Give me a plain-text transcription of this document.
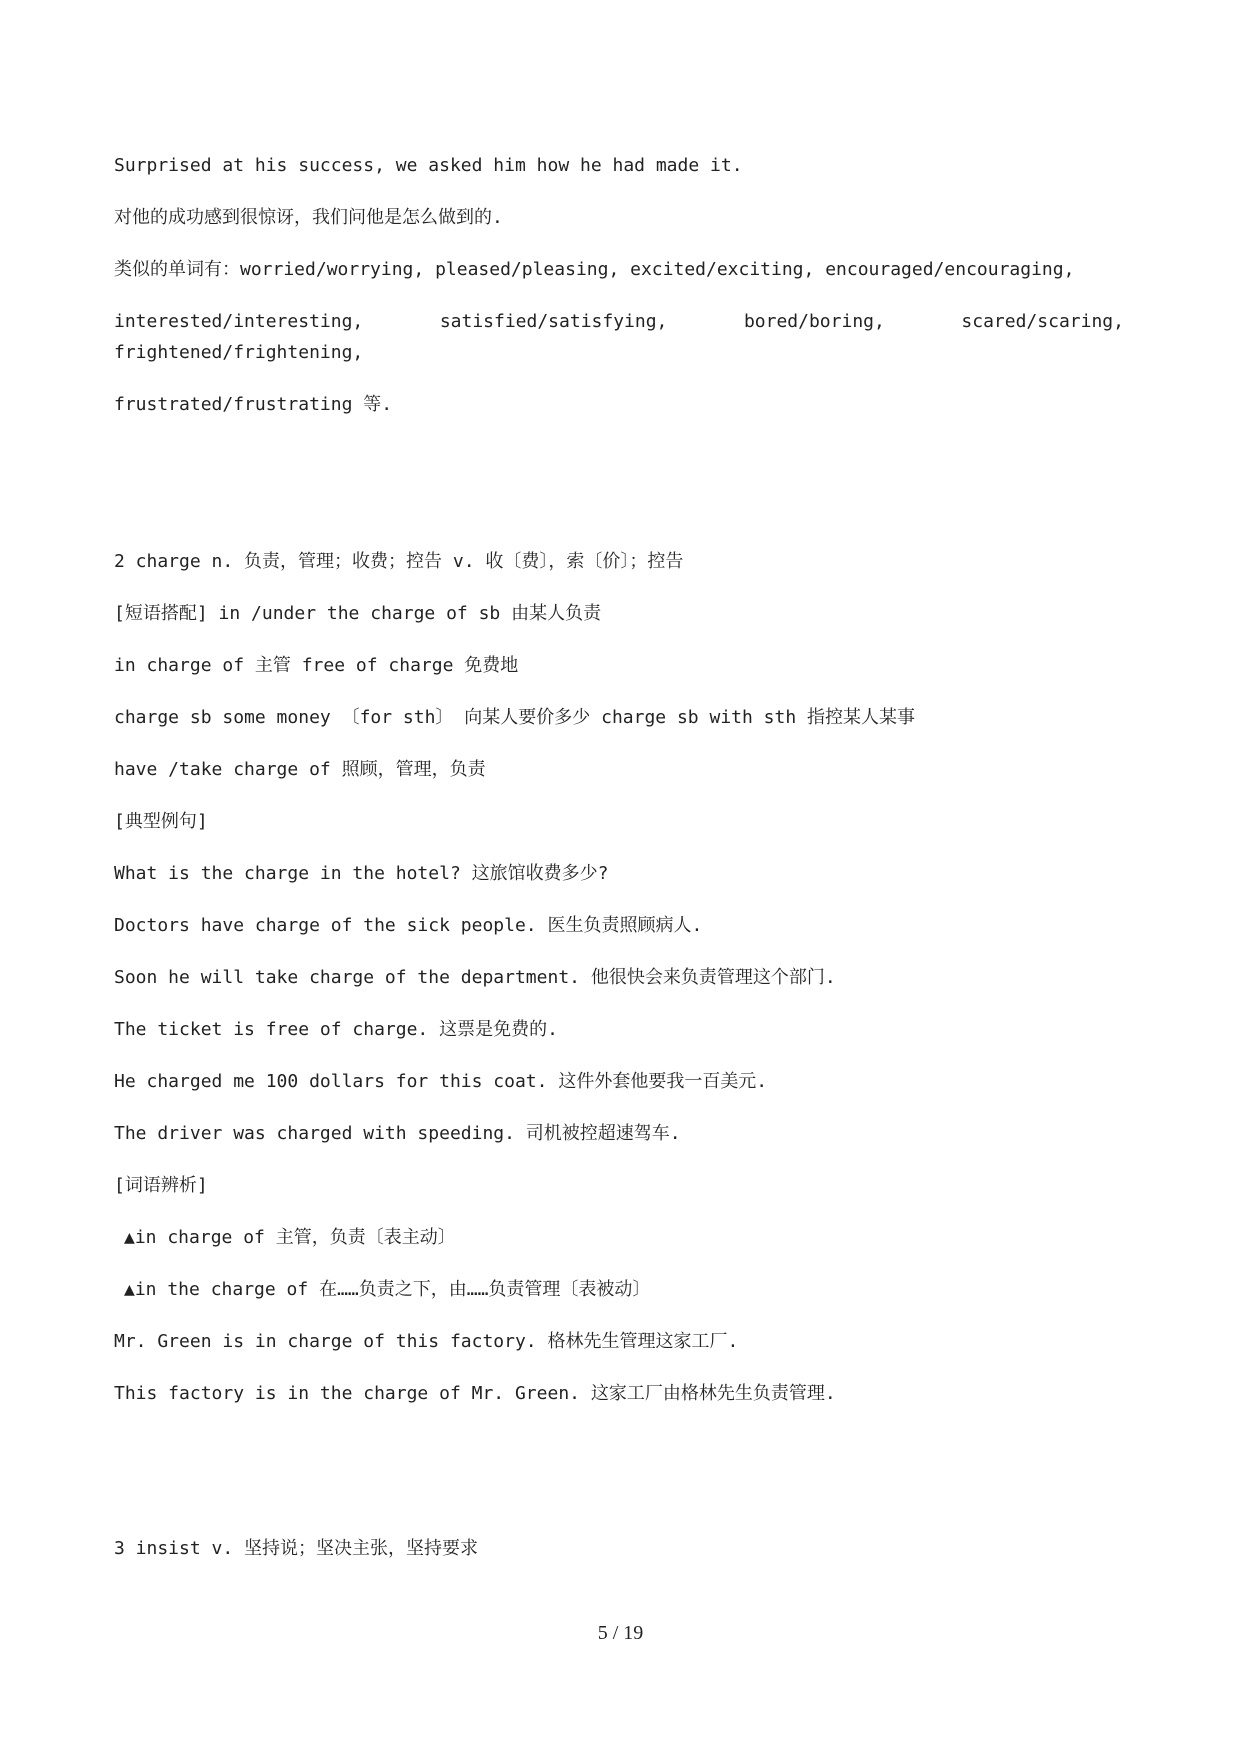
Surprised at his success, we asked him how he had made it.
对他的成功感到很惊讶，我们问他是怎么做到的.
类似的单词有：worried/worrying, pleased/pleasing, excited/exciting, encouraged/encouraging,
interested/interesting,	satisfied/satisfying,	bored/boring,	scared/scaring,
frightened/frightening,
frustrated/frustrating 等.
2 charge n. 负责，管理；收费；控告 v. 收〔费〕，索〔价〕；控告
[短语搭配] in /under the charge of sb 由某人负责
in charge of 主管 free of charge 免费地
charge sb some money 〔for sth〕 向某人要价多少 charge sb with sth 指控某人某事
have /take charge of 照顾，管理，负责
[典型例句]
What is the charge in the hotel? 这旅馆收费多少?
Doctors have charge of the sick people. 医生负责照顾病人.
Soon he will take charge of the department. 他很快会来负责管理这个部门.
The ticket is free of charge. 这票是免费的.
He charged me 100 dollars for this coat. 这件外套他要我一百美元.
The driver was charged with speeding. 司机被控超速驾车.
[词语辨析]
▲in charge of 主管，负责〔表主动〕
▲in the charge of 在……负责之下，由……负责管理〔表被动〕
Mr. Green is in charge of this factory. 格林先生管理这家工厂.
This factory is in the charge of Mr. Green. 这家工厂由格林先生负责管理.
3 insist v. 坚持说；坚决主张，坚持要求
5 / 19
